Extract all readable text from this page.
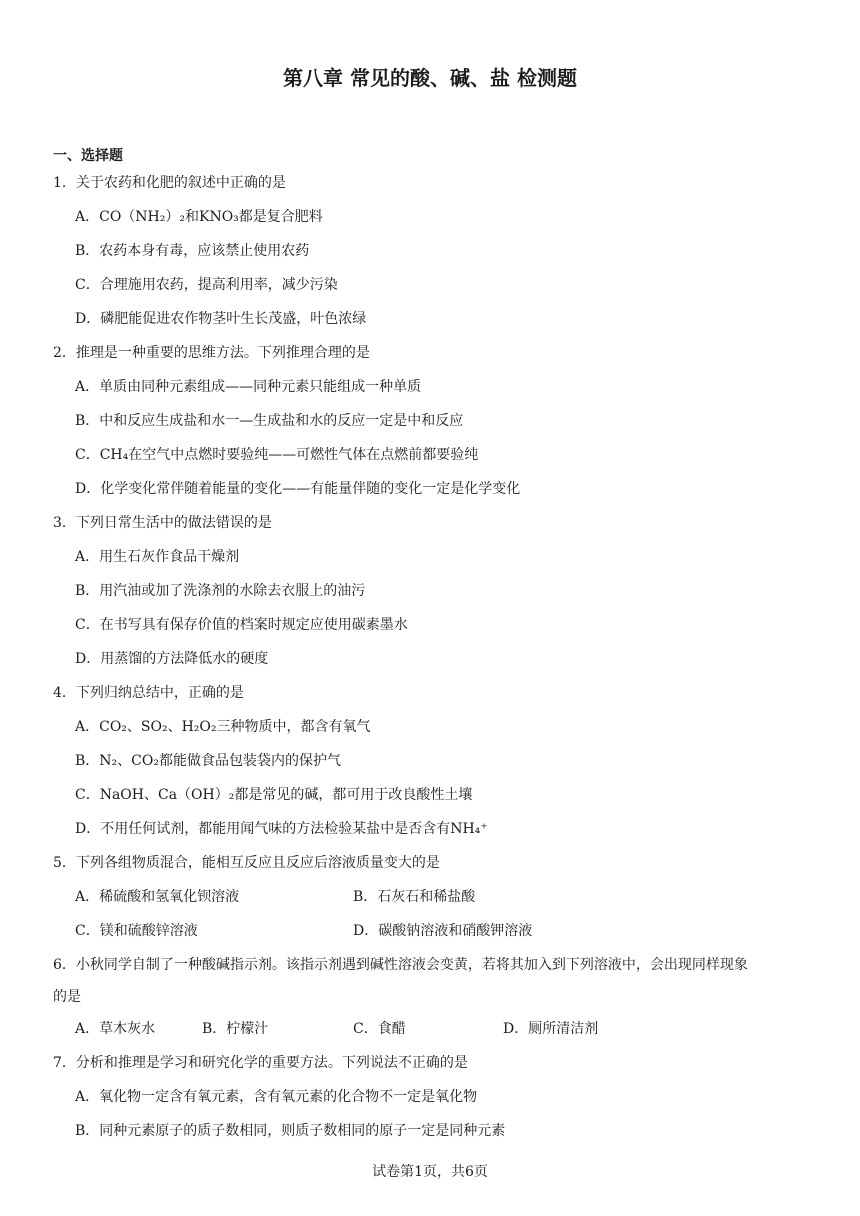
第八章 常见的酸、碱、盐 检测题
一、选择题
1．关于农药和化肥的叙述中正确的是
A．CO（NH₂）₂和KNO₃都是复合肥料
B．农药本身有毒，应该禁止使用农药
C．合理施用农药，提高利用率，减少污染
D．磷肥能促进农作物茎叶生长茂盛，叶色浓绿
2．推理是一种重要的思维方法。下列推理合理的是
A．单质由同种元素组成——同种元素只能组成一种单质
B．中和反应生成盐和水一—生成盐和水的反应一定是中和反应
C．CH₄在空气中点燃时要验纯——可燃性气体在点燃前都要验纯
D．化学变化常伴随着能量的变化——有能量伴随的变化一定是化学变化
3．下列日常生活中的做法错误的是
A．用生石灰作食品干燥剂
B．用汽油或加了洗涤剂的水除去衣服上的油污
C．在书写具有保存价值的档案时规定应使用碳素墨水
D．用蒸馏的方法降低水的硬度
4．下列归纳总结中，正确的是
A．CO₂、SO₂、H₂O₂三种物质中，都含有氧气
B．N₂、CO₂都能做食品包装袋内的保护气
C．NaOH、Ca（OH）₂都是常见的碱，都可用于改良酸性土壤
D．不用任何试剂，都能用闻气味的方法检验某盐中是否含有NH₄⁺
5．下列各组物质混合，能相互反应且反应后溶液质量变大的是
A．稀硫酸和氢氧化钡溶液	B．石灰石和稀盐酸
C．镁和硫酸锌溶液	D．碳酸钠溶液和硝酸钾溶液
6．小秋同学自制了一种酸碱指示剂。该指示剂遇到碱性溶液会变黄，若将其加入到下列溶液中，会出现同样现象
的是
A．草木灰水	B．柠檬汁	C．食醋	D．厕所清洁剂
7．分析和推理是学习和研究化学的重要方法。下列说法不正确的是
A．氧化物一定含有氧元素，含有氧元素的化合物不一定是氧化物
B．同种元素原子的质子数相同，则质子数相同的原子一定是同种元素
试卷第1页，共6页
